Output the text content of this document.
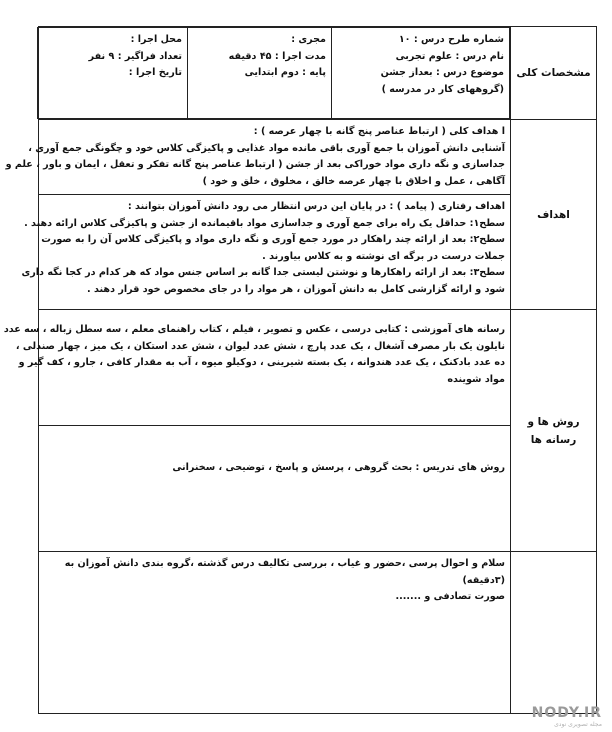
مشخصات کلی	
شماره طرح درس : ۱۰
نام درس : علوم تجربی
موضوع درس : بعداز جشن
(گروههای کار در مدرسه )

مجری :
مدت اجرا : ۴۵ دقیقه
پایه : دوم ابتدایی

محل اجرا :
تعداد فراگیر : ۹ نفر
تاریخ اجرا :

اهداف	
ا هداف کلی ( ارتباط عناصر پنج گانه با چهار عرصه ) :
آشنایی دانش آموزان با جمع آوری باقی مانده مواد غذایی و پاکیزگی کلاس خود و چگونگی جمع آوری ،
جداسازی و نگه داری مواد خوراکی بعد از جشن ( ارتباط عناصر پنج گانه تفکر و تعقل ، ایمان و باور ، علم و
آگاهی ، عمل و اخلاق با چهار عرصه خالق ، مخلوق ، خلق و خود )
اهداف رفتاری ( پیامد ) : در پایان این درس انتظار می رود دانش آموزان بتوانند :
سطح۱: حداقل یک راه برای جمع آوری و جداسازی مواد باقیمانده از جشن و پاکیزگی کلاس ارائه دهند .
سطح۲: بعد از ارائه چند راهکار در مورد جمع آوری و نگه داری مواد و پاکیزگی کلاس آن را به صورت
جملات درست در برگه ای نوشته و به کلاس بیاورند .
سطح۳: بعد از ارائه راهکارها و نوشتن لیستی جدا گانه بر اساس جنس مواد که هر کدام در کجا نگه داری
شود و ارائه گزارشی کامل به دانش آموزان ، هر مواد را در جای مخصوص خود قرار دهند .

روش ها و
رسانه ها

رسانه های آموزشی : کتابی درسی ، عکس و تصویر ، فیلم ، کتاب راهنمای معلم ، سه سطل زباله ، سه عدد
نایلون یک بار مصرف آشغال ، یک عدد پارچ ، شش عدد لیوان ، شش عدد استکان ، یک میز ، چهار صندلی ،
ده عدد بادکنک ، یک عدد هندوانه ، یک بسته شیرینی ، دوکیلو میوه ، آب به مقدار کافی ، جارو ، کف گیر و
مواد شوینده
روش های تدریس : بحث گروهی ، پرسش و پاسخ ، توضیحی ، سخنرانی

سلام و احوال پرسی ،حضور و غیاب ، بررسی تکالیف درس گذشته ،گروه بندی دانش آموزان به
(۳دقیقه)
صورت تصادفی و .......
NODY.IR
مجله تصویری نودی
